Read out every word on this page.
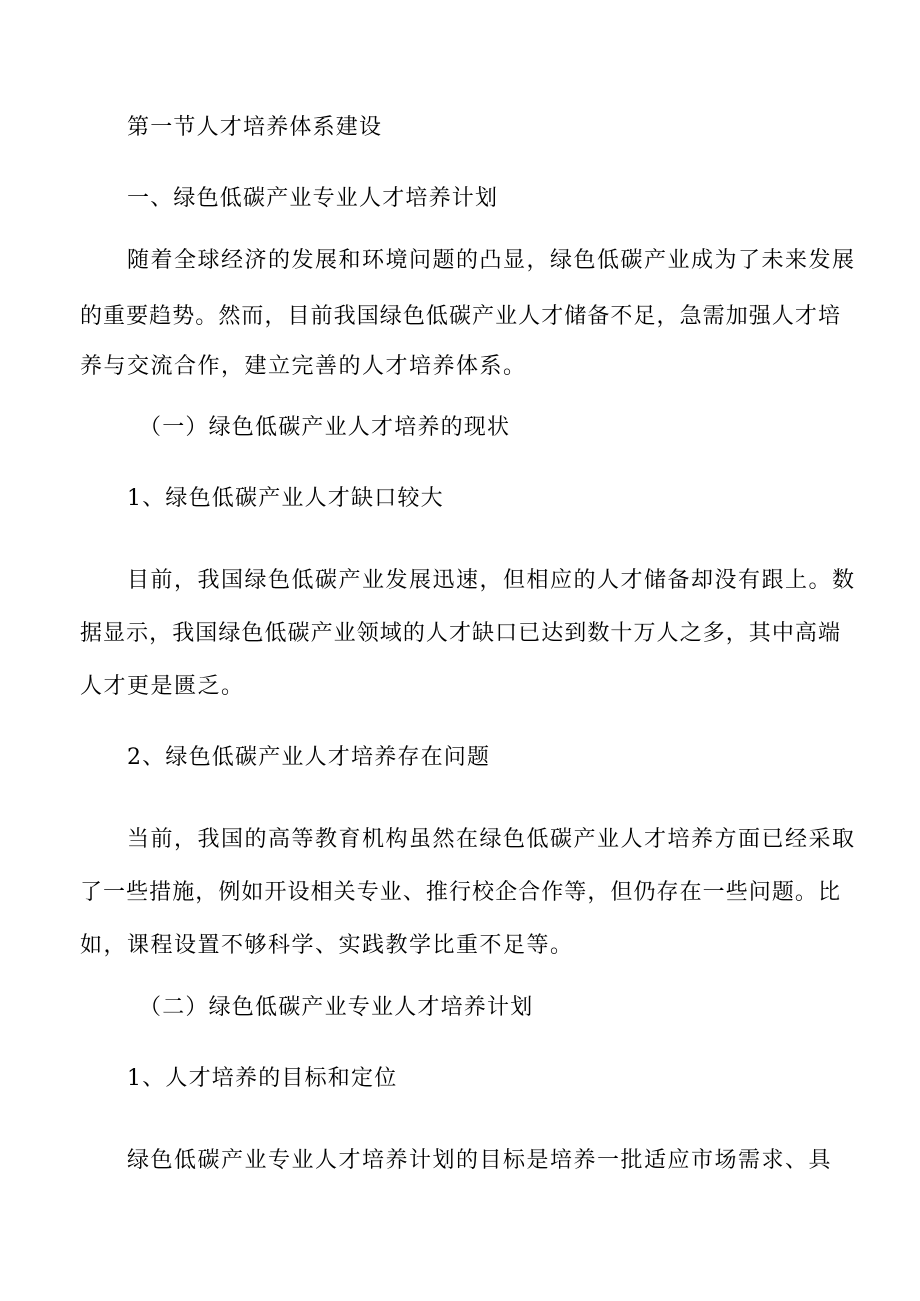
第一节人才培养体系建设
一、绿色低碳产业专业人才培养计划
随着全球经济的发展和环境问题的凸显，绿色低碳产业成为了未来发展
的重要趋势。然而，目前我国绿色低碳产业人才储备不足，急需加强人才培
养与交流合作，建立完善的人才培养体系。
（一）绿色低碳产业人才培养的现状
1、绿色低碳产业人才缺口较大
目前，我国绿色低碳产业发展迅速，但相应的人才储备却没有跟上。数
据显示，我国绿色低碳产业领域的人才缺口已达到数十万人之多，其中高端
人才更是匮乏。
2、绿色低碳产业人才培养存在问题
当前，我国的高等教育机构虽然在绿色低碳产业人才培养方面已经采取
了一些措施，例如开设相关专业、推行校企合作等，但仍存在一些问题。比
如，课程设置不够科学、实践教学比重不足等。
（二）绿色低碳产业专业人才培养计划
1、人才培养的目标和定位
绿色低碳产业专业人才培养计划的目标是培养一批适应市场需求、具
